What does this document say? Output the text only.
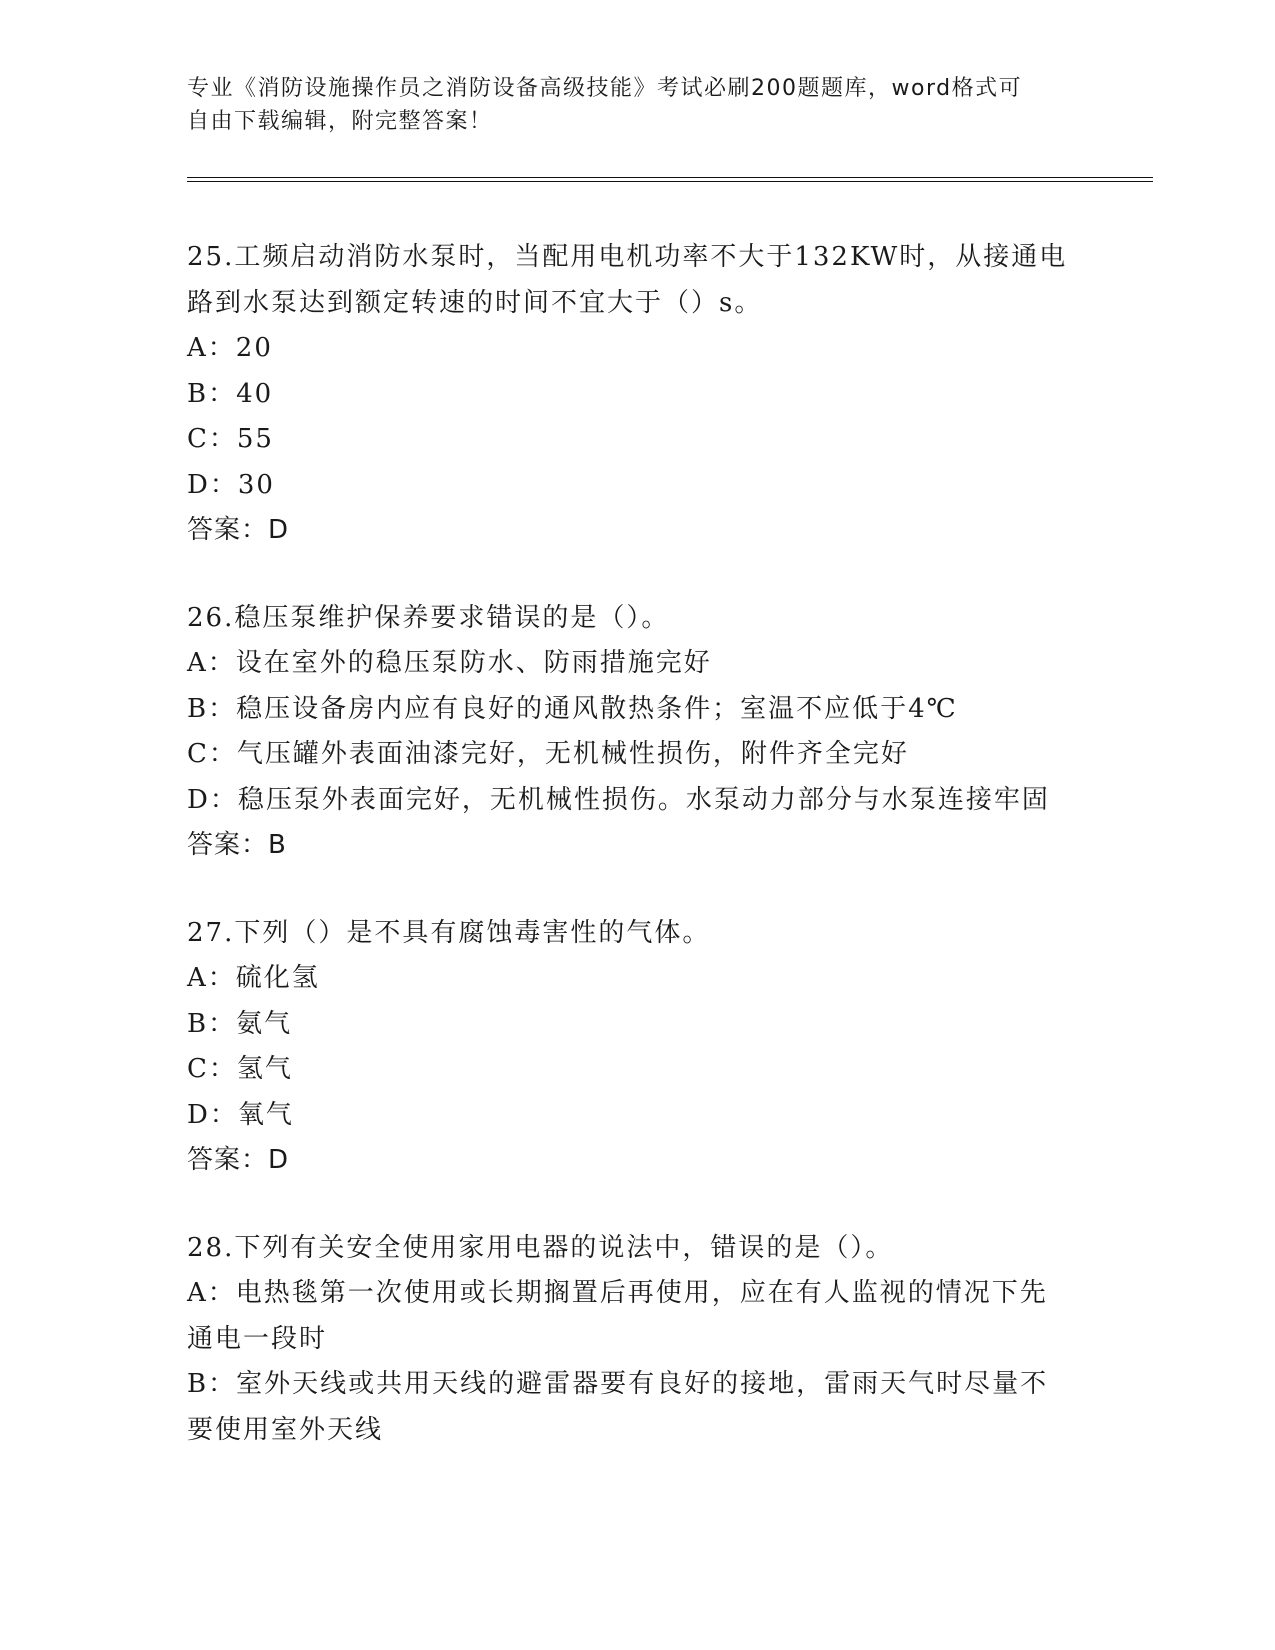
专业《消防设施操作员之消防设备高级技能》考试必刷200题题库，word格式可
自由下载编辑，附完整答案！

25.工频启动消防水泵时，当配用电机功率不大于132KW时，从接通电

路到水泵达到额定转速的时间不宜大于（）s。

A：20

B：40

C：55

D：30

答案：D

26.稳压泵维护保养要求错误的是（）。

A：设在室外的稳压泵防水、防雨措施完好

B：稳压设备房内应有良好的通风散热条件；室温不应低于4℃

C：气压罐外表面油漆完好，无机械性损伤，附件齐全完好

D：稳压泵外表面完好，无机械性损伤。水泵动力部分与水泵连接牢固

答案：B

27.下列（）是不具有腐蚀毒害性的气体。

A：硫化氢

B：氨气

C：氢气

D：氧气

答案：D

28.下列有关安全使用家用电器的说法中，错误的是（）。

A：电热毯第一次使用或长期搁置后再使用，应在有人监视的情况下先

通电一段时

B：室外天线或共用天线的避雷器要有良好的接地，雷雨天气时尽量不

要使用室外天线
